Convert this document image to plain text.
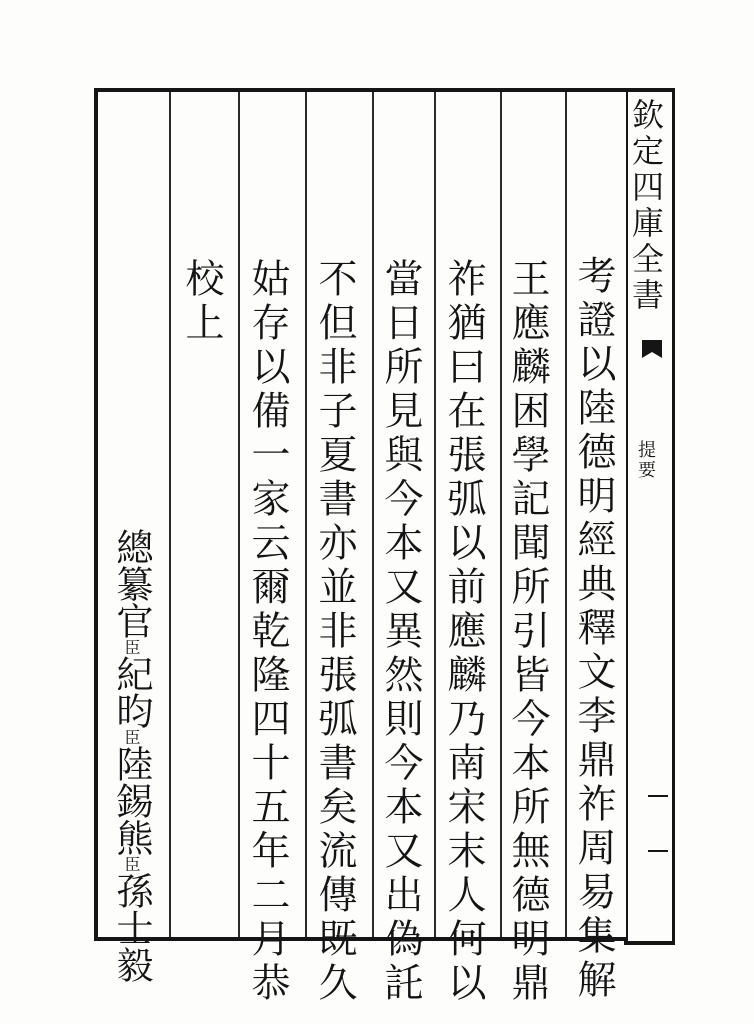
欽定四庫全書
提要
考證以陸德明經典釋文李鼎祚周易集解
王應麟困學記聞所引皆今本所無德明鼎
祚猶曰在張弧以前應麟乃南宋末人何以
當日所見與今本又異然則今本又出偽託
不但非子夏書亦並非張弧書矣流傳既久
姑存以備一家云爾乾隆四十五年二月恭
校上
總纂官臣紀昀臣陸錫熊臣孫士毅
